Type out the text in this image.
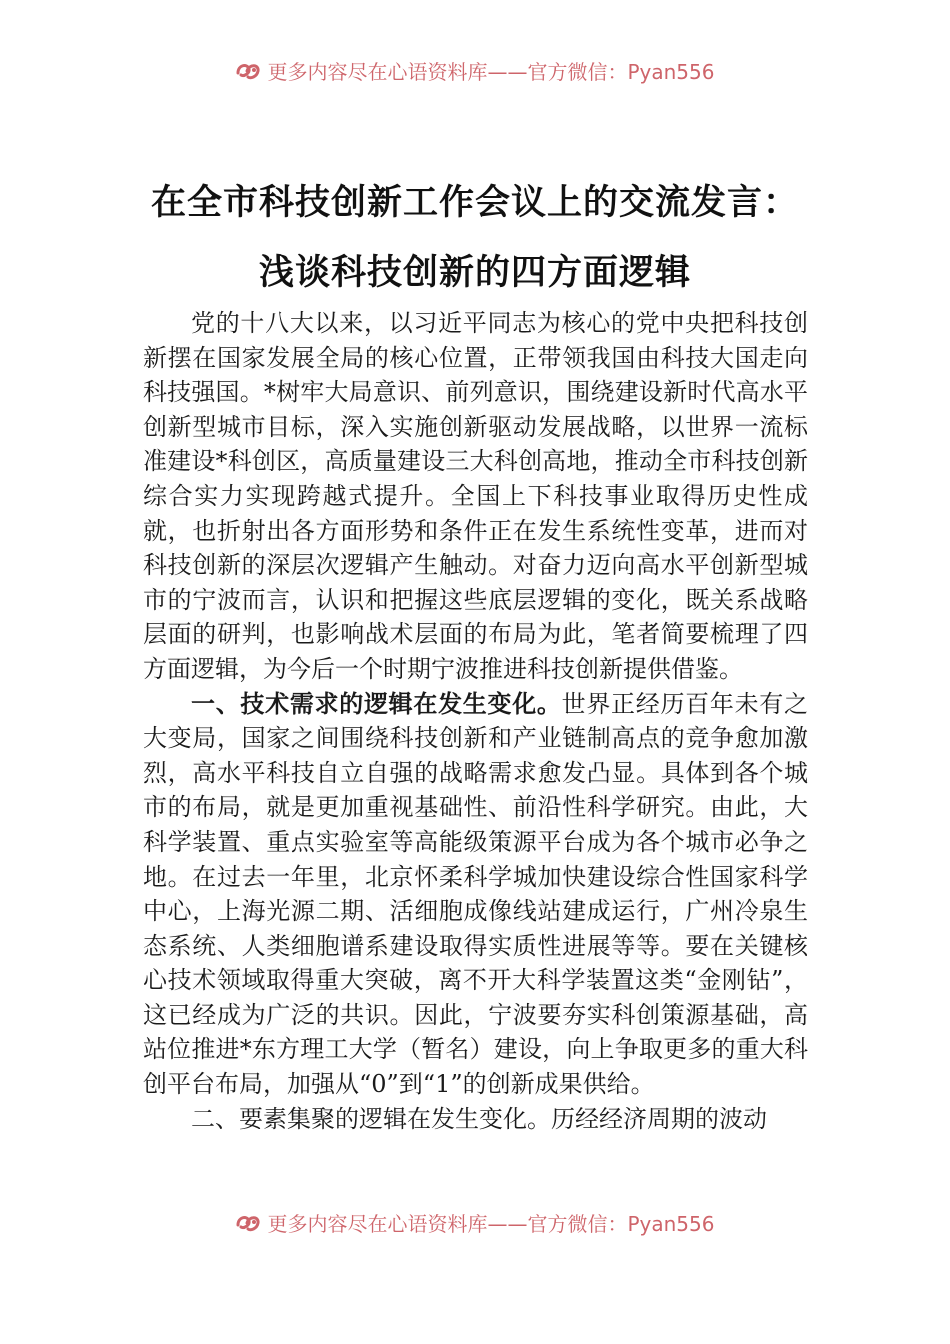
更多内容尽在心语资料库——官方微信：Pyan556
在全市科技创新工作会议上的交流发言：
浅谈科技创新的四方面逻辑

党的十八大以来，以习近平同志为核心的党中央把科技创新摆在国家发展全局的核心位置，正带领我国由科技大国走向科技强国。*树牢大局意识、前列意识，围绕建设新时代高水平创新型城市目标，深入实施创新驱动发展战略，以世界一流标准建设*科创区，高质量建设三大科创高地，推动全市科技创新综合实力实现跨越式提升。全国上下科技事业取得历史性成就，也折射出各方面形势和条件正在发生系统性变革，进而对科技创新的深层次逻辑产生触动。对奋力迈向高水平创新型城市的宁波而言，认识和把握这些底层逻辑的变化，既关系战略层面的研判，也影响战术层面的布局为此，笔者简要梳理了四方面逻辑，为今后一个时期宁波推进科技创新提供借鉴。

一、技术需求的逻辑在发生变化。世界正经历百年未有之大变局，国家之间围绕科技创新和产业链制高点的竞争愈加激烈，高水平科技自立自强的战略需求愈发凸显。具体到各个城市的布局，就是更加重视基础性、前沿性科学研究。由此，大科学装置、重点实验室等高能级策源平台成为各个城市必争之地。在过去一年里，北京怀柔科学城加快建设综合性国家科学中心，上海光源二期、活细胞成像线站建成运行，广州冷泉生态系统、人类细胞谱系建设取得实质性进展等等。要在关键核心技术领域取得重大突破，离不开大科学装置这类“金刚钻”，这已经成为广泛的共识。因此，宁波要夯实科创策源基础，高站位推进*东方理工大学（暂名）建设，向上争取更多的重大科创平台布局，加强从“0”到“1”的创新成果供给。

二、要素集聚的逻辑在发生变化。历经经济周期的波动

更多内容尽在心语资料库——官方微信：Pyan556
